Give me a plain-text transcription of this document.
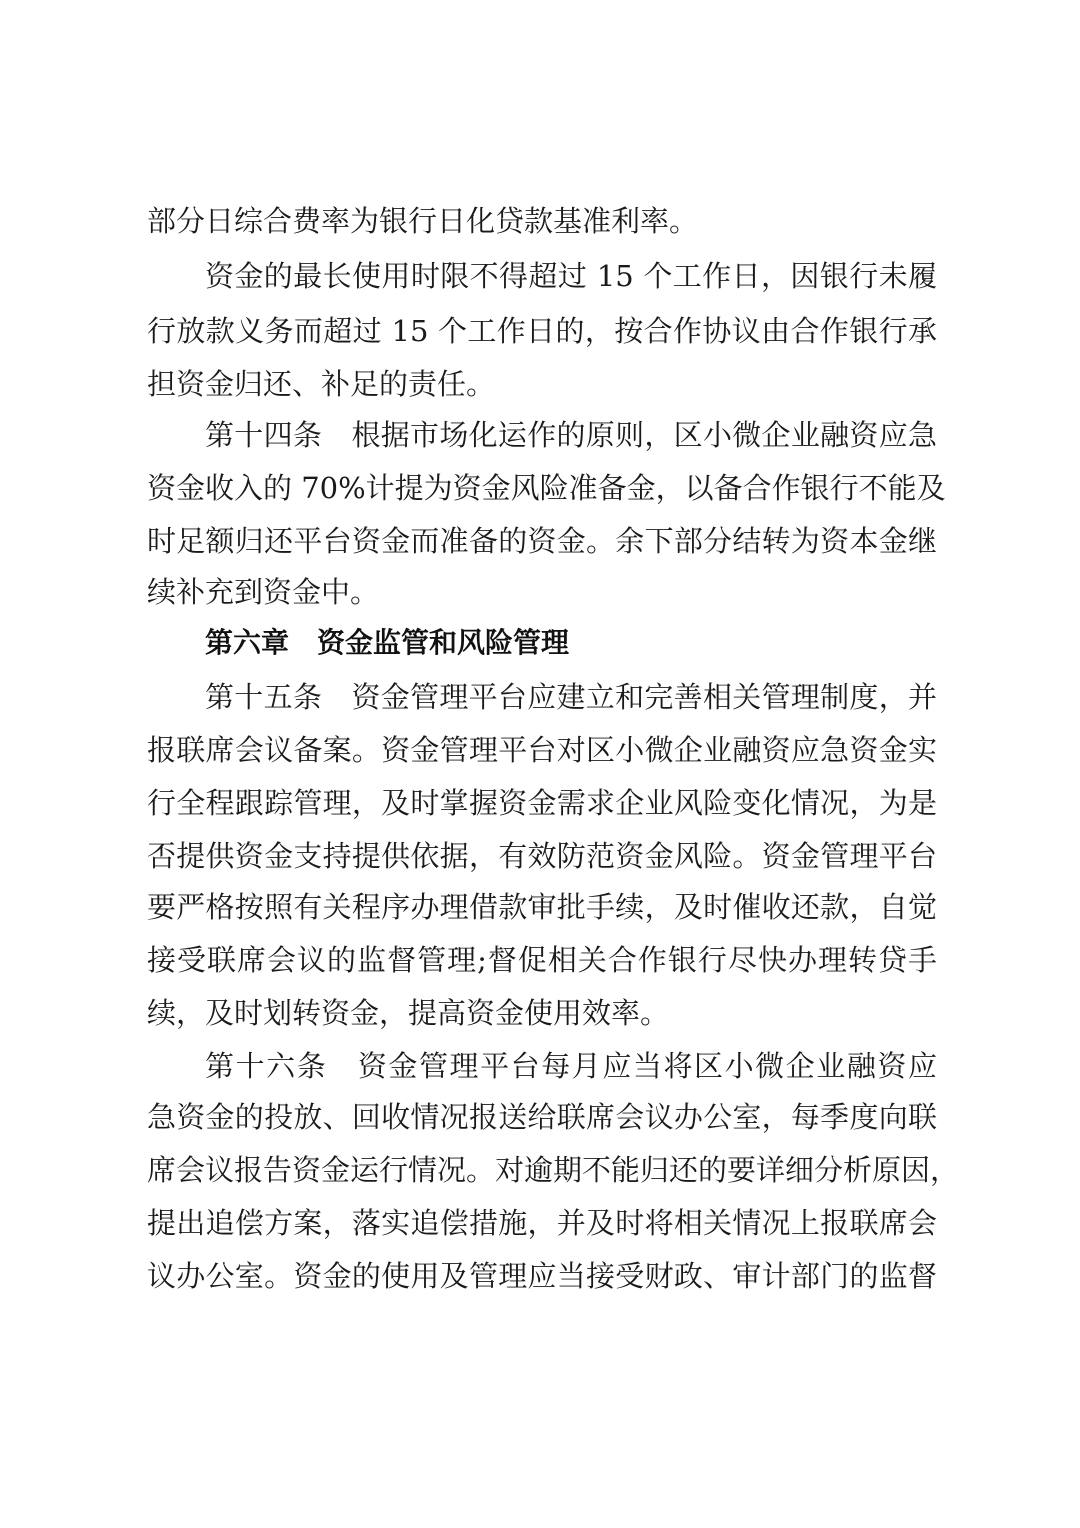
部分日综合费率为银行日化贷款基准利率。
资金的最长使用时限不得超过 15 个工作日，因银行未履
行放款义务而超过 15 个工作日的，按合作协议由合作银行承
担资金归还、补足的责任。
第十四条　根据市场化运作的原则，区小微企业融资应急
资金收入的 70%计提为资金风险准备金，以备合作银行不能及
时足额归还平台资金而准备的资金。余下部分结转为资本金继
续补充到资金中。
第六章　资金监管和风险管理
第十五条　资金管理平台应建立和完善相关管理制度，并
报联席会议备案。资金管理平台对区小微企业融资应急资金实
行全程跟踪管理，及时掌握资金需求企业风险变化情况，为是
否提供资金支持提供依据，有效防范资金风险。资金管理平台
要严格按照有关程序办理借款审批手续，及时催收还款，自觉
接受联席会议的监督管理;督促相关合作银行尽快办理转贷手
续，及时划转资金，提高资金使用效率。
第十六条　资金管理平台每月应当将区小微企业融资应
急资金的投放、回收情况报送给联席会议办公室，每季度向联
席会议报告资金运行情况。对逾期不能归还的要详细分析原因，
提出追偿方案，落实追偿措施，并及时将相关情况上报联席会
议办公室。资金的使用及管理应当接受财政、审计部门的监督
